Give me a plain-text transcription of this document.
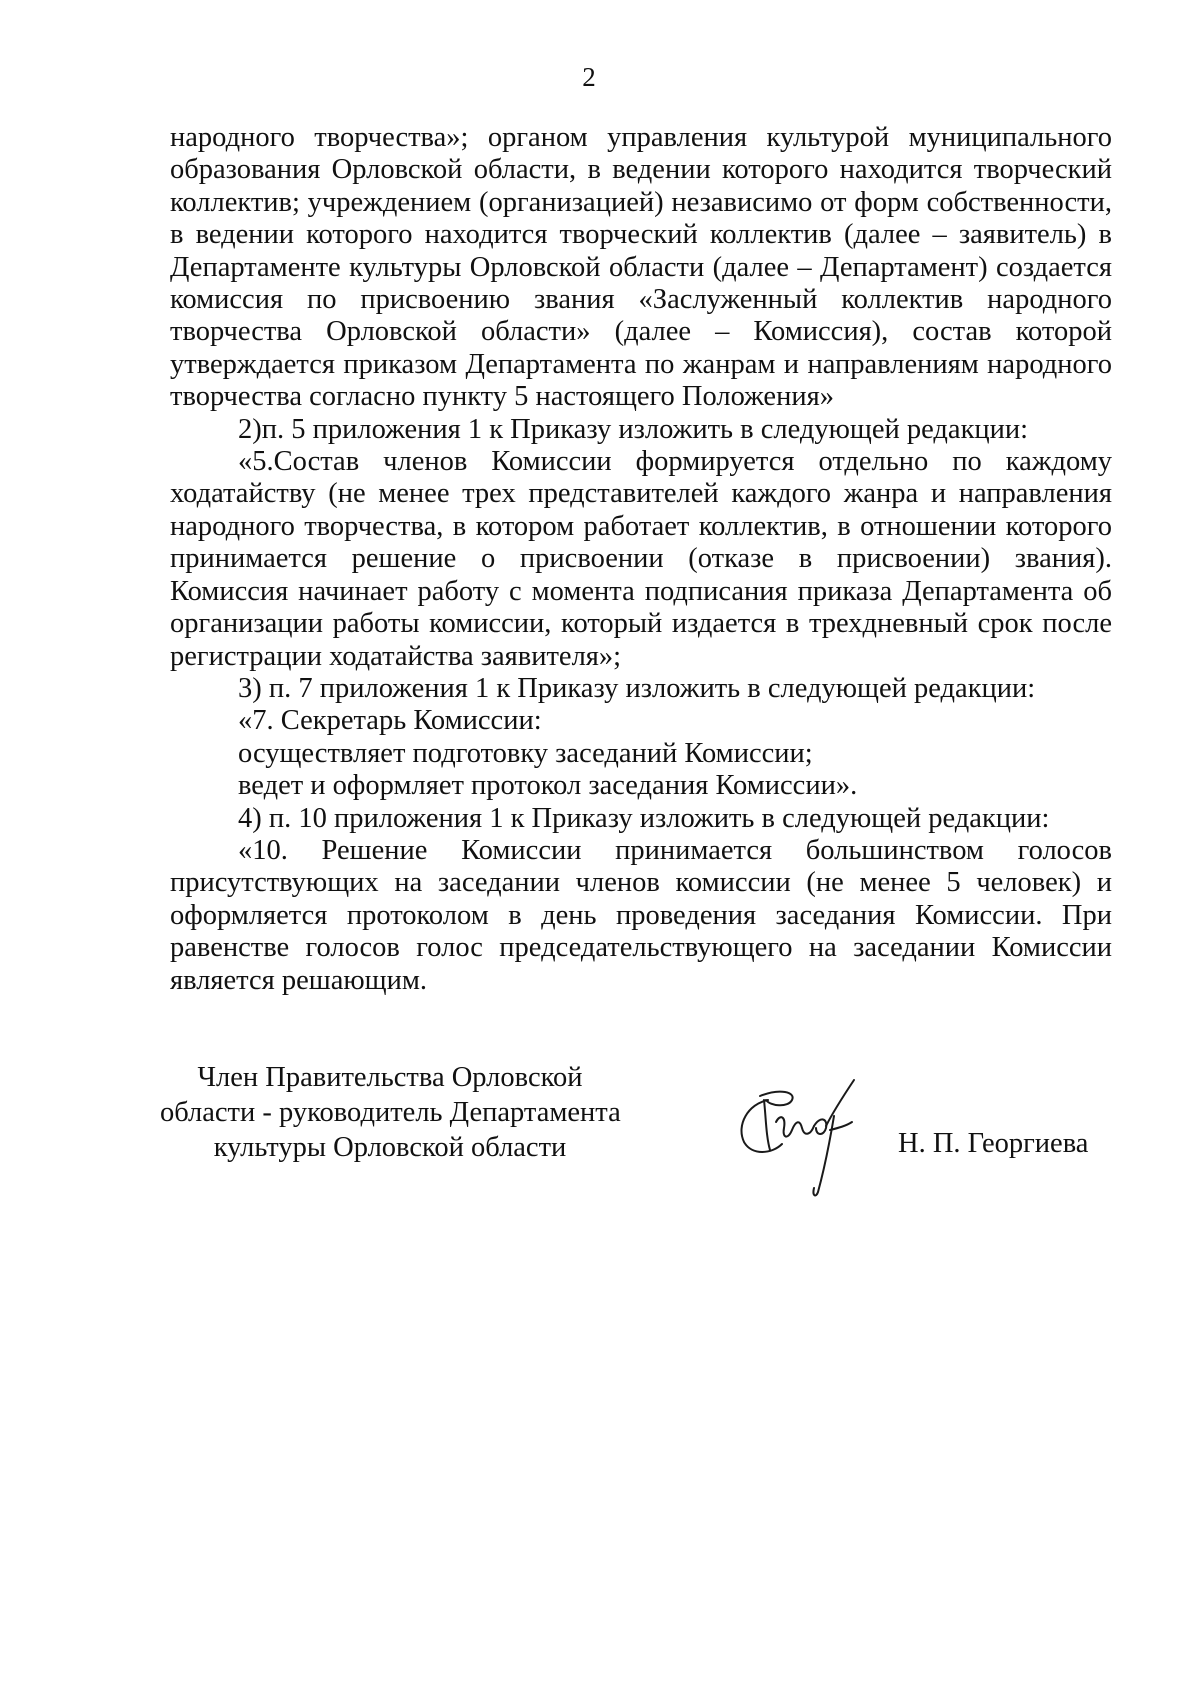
2

народного творчества»; органом управления культурой муниципального образования Орловской области, в ведении которого находится творческий коллектив; учреждением (организацией) независимо от форм собственности, в ведении которого находится творческий коллектив (далее – заявитель) в Департаменте культуры Орловской области (далее – Департамент) создается комиссия по присвоению звания «Заслуженный коллектив народного творчества Орловской области» (далее – Комиссия), состав которой утверждается приказом Департамента по жанрам и направлениям народного творчества согласно пункту 5 настоящего Положения»

2)п. 5 приложения 1 к Приказу изложить в следующей редакции:

«5.Состав членов Комиссии формируется отдельно по каждому ходатайству (не менее трех представителей каждого жанра и направления народного творчества, в котором работает коллектив, в отношении которого принимается решение о присвоении (отказе в присвоении) звания). Комиссия начинает работу с момента подписания приказа Департамента об организации работы комиссии, который издается в трехдневный срок после регистрации ходатайства заявителя»;

3) п. 7 приложения 1 к Приказу изложить в следующей редакции:

«7. Секретарь Комиссии:

осуществляет подготовку заседаний Комиссии;

ведет и оформляет протокол заседания Комиссии».

4) п. 10 приложения 1 к Приказу изложить в следующей редакции:

«10. Решение Комиссии принимается большинством голосов присутствующих на заседании членов комиссии (не менее 5 человек) и оформляется протоколом в день проведения заседания Комиссии. При равенстве голосов голос председательствующего на заседании Комиссии является решающим.

Член Правительства Орловской
области - руководитель Департамента
культуры Орловской области	Н. П. Георгиева
